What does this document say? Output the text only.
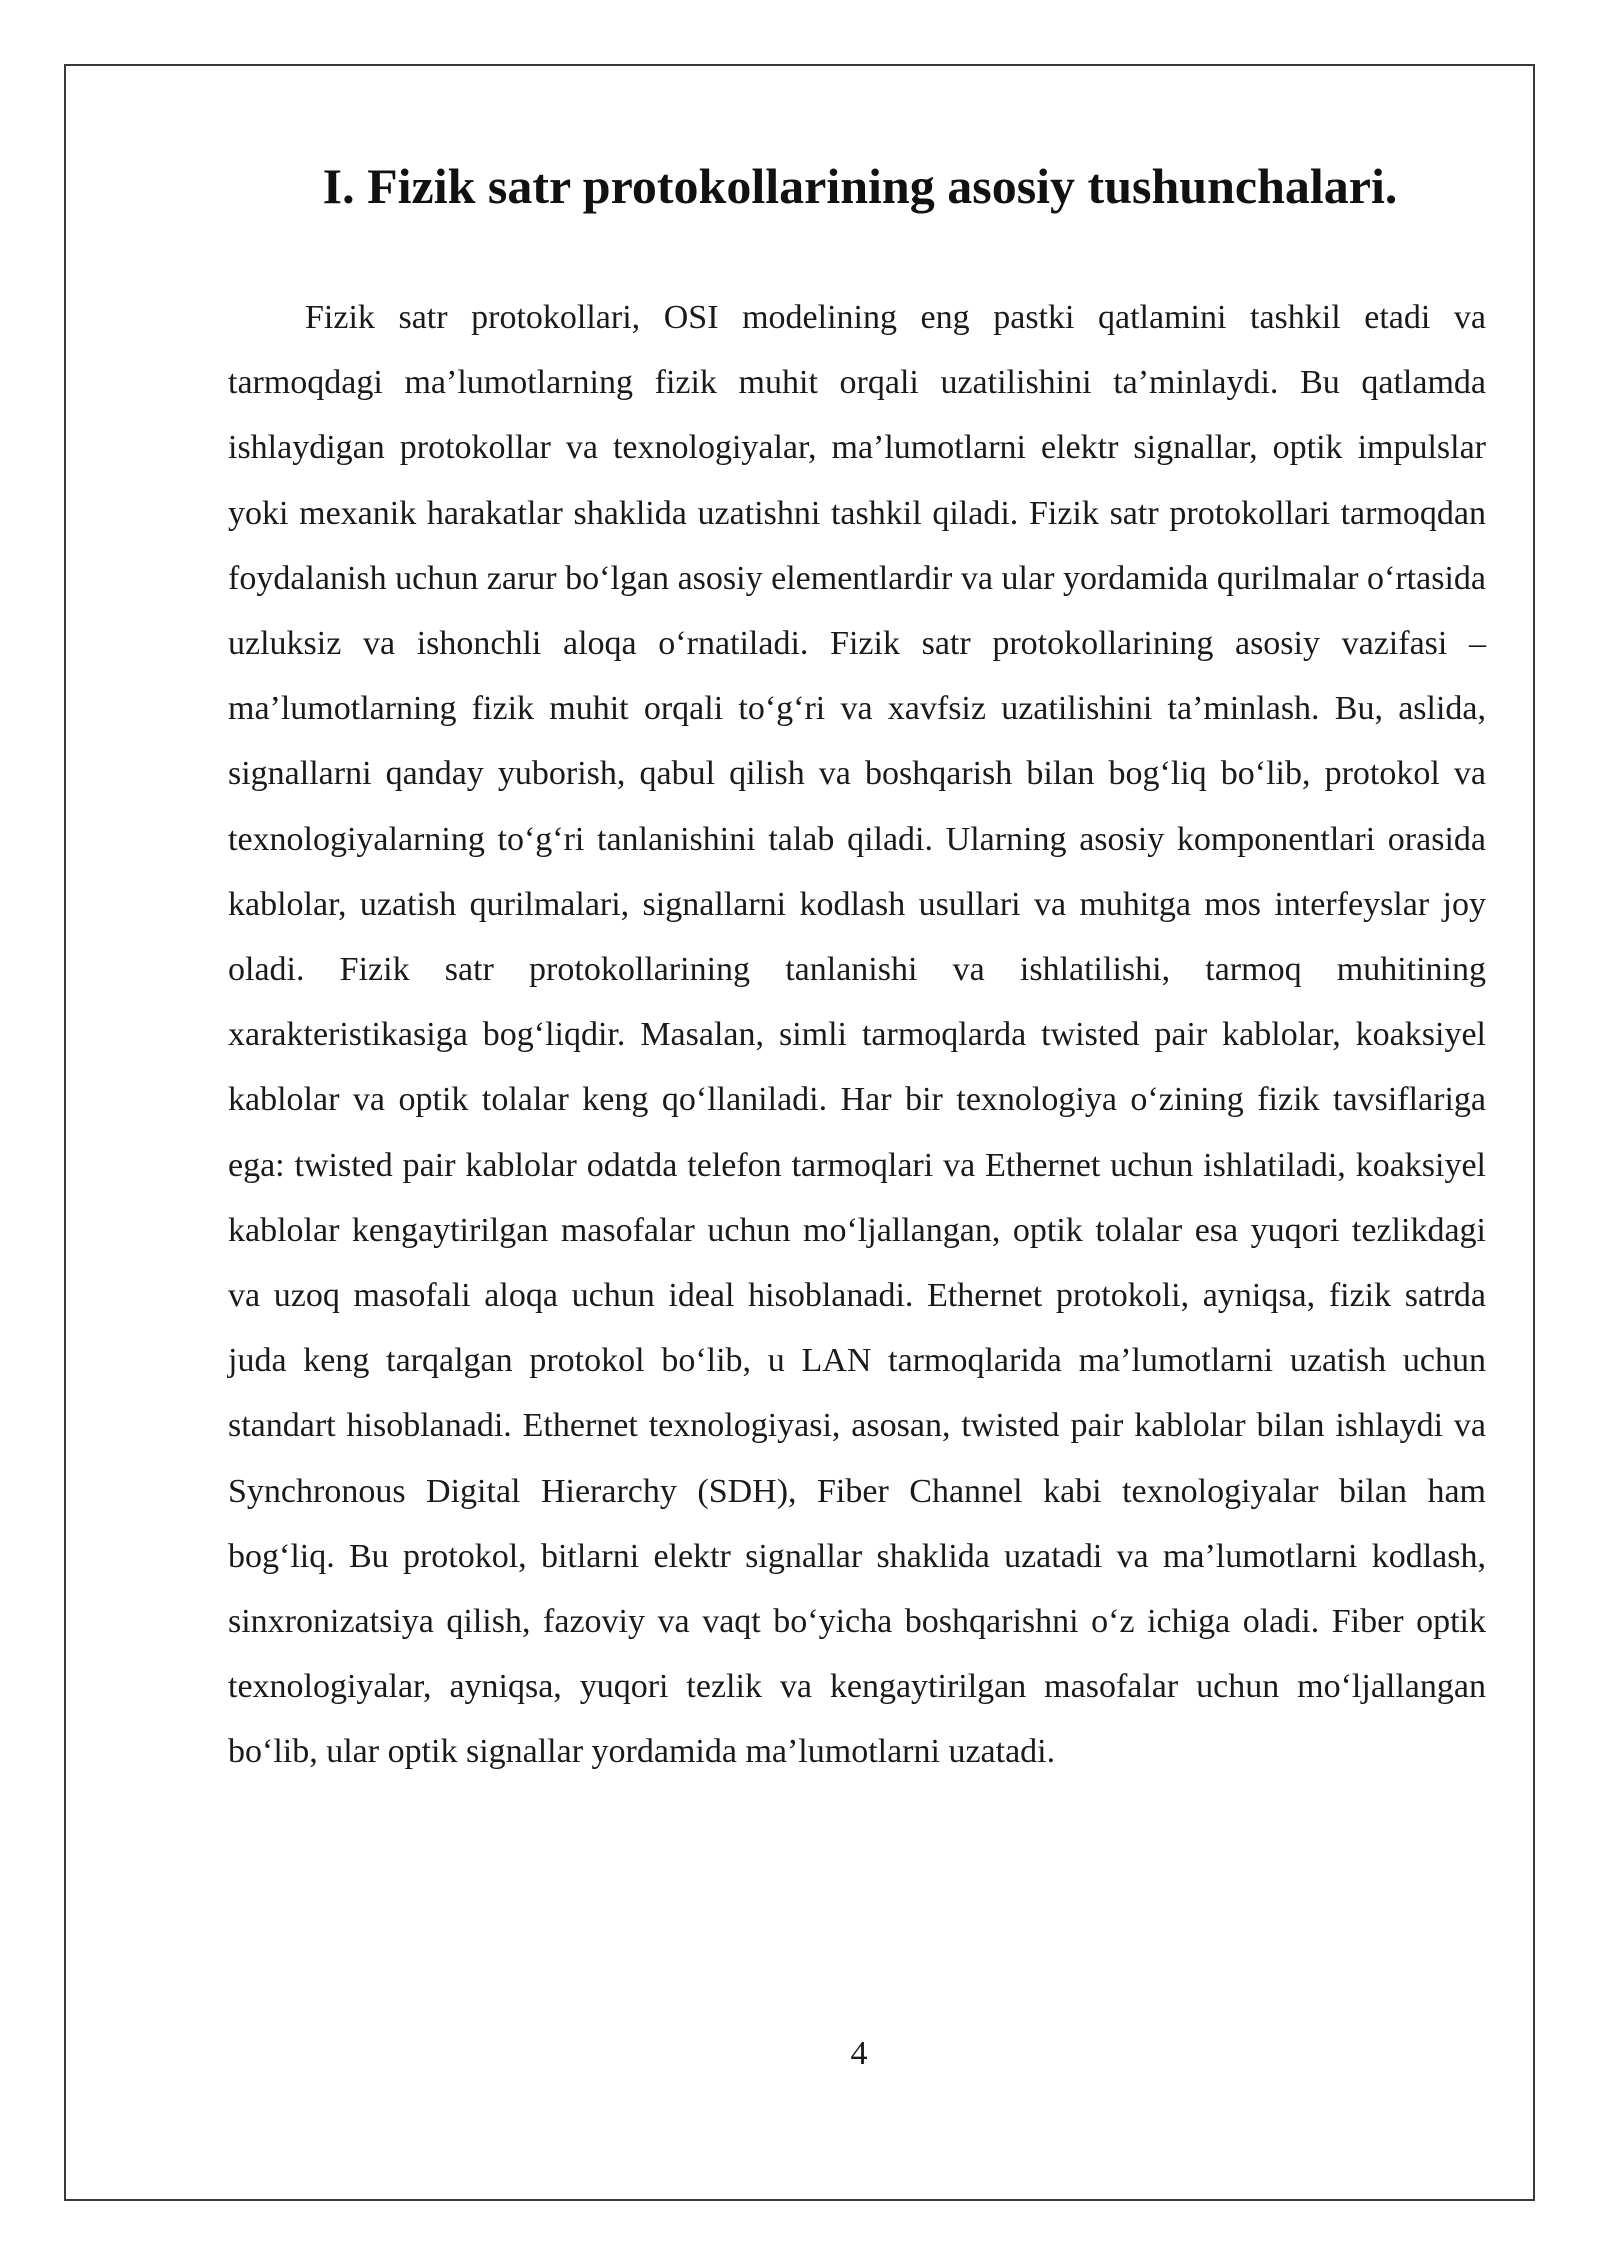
I. Fizik satr protokollarining asosiy tushunchalari.

Fizik satr protokollari, OSI modelining eng pastki qatlamini tashkil etadi va tarmoqdagi ma’lumotlarning fizik muhit orqali uzatilishini ta’minlaydi. Bu qatlamda ishlaydigan protokollar va texnologiyalar, ma’lumotlarni elektr signallar, optik impulslar yoki mexanik harakatlar shaklida uzatishni tashkil qiladi. Fizik satr protokollari tarmoqdan foydalanish uchun zarur bo‘lgan asosiy elementlardir va ular yordamida qurilmalar o‘rtasida uzluksiz va ishonchli aloqa o‘rnatiladi. Fizik satr protokollarining asosiy vazifasi – ma’lumotlarning fizik muhit orqali to‘g‘ri va xavfsiz uzatilishini ta’minlash. Bu, aslida, signallarni qanday yuborish, qabul qilish va boshqarish bilan bog‘liq bo‘lib, protokol va texnologiyalarning to‘g‘ri tanlanishini talab qiladi. Ularning asosiy komponentlari orasida kablolar, uzatish qurilmalari, signallarni kodlash usullari va muhitga mos interfeyslar joy oladi. Fizik satr protokollarining tanlanishi va ishlatilishi, tarmoq muhitining xarakteristikasiga bog‘liqdir. Masalan, simli tarmoqlarda twisted pair kablolar, koaksiyel kablolar va optik tolalar keng qo‘llaniladi. Har bir texnologiya o‘zining fizik tavsiflariga ega: twisted pair kablolar odatda telefon tarmoqlari va Ethernet uchun ishlatiladi, koaksiyel kablolar kengaytirilgan masofalar uchun mo‘ljallangan, optik tolalar esa yuqori tezlikdagi va uzoq masofali aloqa uchun ideal hisoblanadi. Ethernet protokoli, ayniqsa, fizik satrda juda keng tarqalgan protokol bo‘lib, u LAN tarmoqlarida ma’lumotlarni uzatish uchun standart hisoblanadi. Ethernet texnologiyasi, asosan, twisted pair kablolar bilan ishlaydi va Synchronous Digital Hierarchy (SDH), Fiber Channel kabi texnologiyalar bilan ham bog‘liq. Bu protokol, bitlarni elektr signallar shaklida uzatadi va ma’lumotlarni kodlash, sinxronizatsiya qilish, fazoviy va vaqt bo‘yicha boshqarishni o‘z ichiga oladi. Fiber optik texnologiyalar, ayniqsa, yuqori tezlik va kengaytirilgan masofalar uchun mo‘ljallangan bo‘lib, ular optik signallar yordamida ma’lumotlarni uzatadi.

4
